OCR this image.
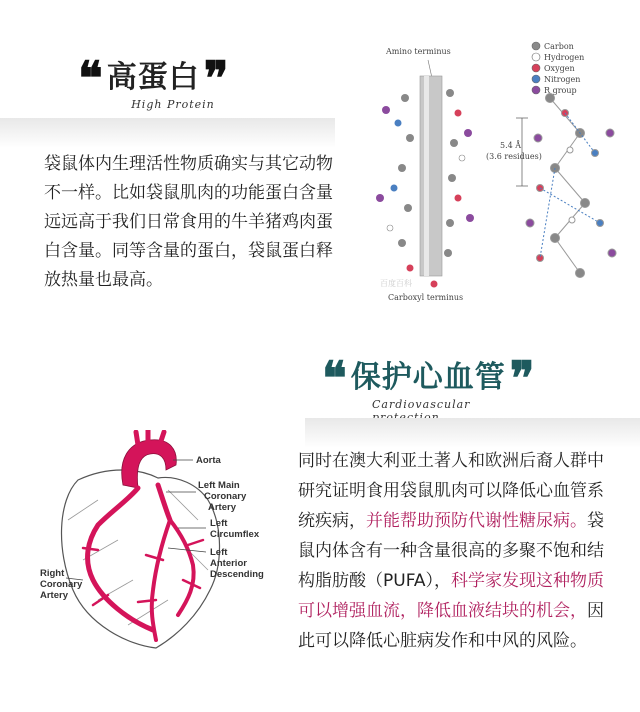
❝ 高蛋白 ❞
High Protein
袋鼠体内生理活性物质确实与其它动物不一样。比如袋鼠肌肉的功能蛋白含量远远高于我们日常食用的牛羊猪鸡肉蛋白含量。同等含量的蛋白，袋鼠蛋白释放热量也最高。
Amino terminus
Carboxyl terminus
百度百科
5.4 Å
(3.6 residues)
Carbon
Hydrogen
Oxygen
Nitrogen
R group
❝ 保护心血管 ❞
Cardiovascular
同时在澳大利亚土著人和欧洲后裔人群中研究证明食用袋鼠肌肉可以降低心血管系统疾病，并能帮助预防代谢性糖尿病。袋鼠内体含有一种含量很高的多聚不饱和结构脂肪酸（PUFA），科学家发现这种物质可以增强血流，降低血液结块的机会，因此可以降低心脏病发作和中风的风险。
Aorta
Left Main
Coronary
Artery
Left
Circumflex
Left
Anterior
Descending
Right
Coronary
Artery
